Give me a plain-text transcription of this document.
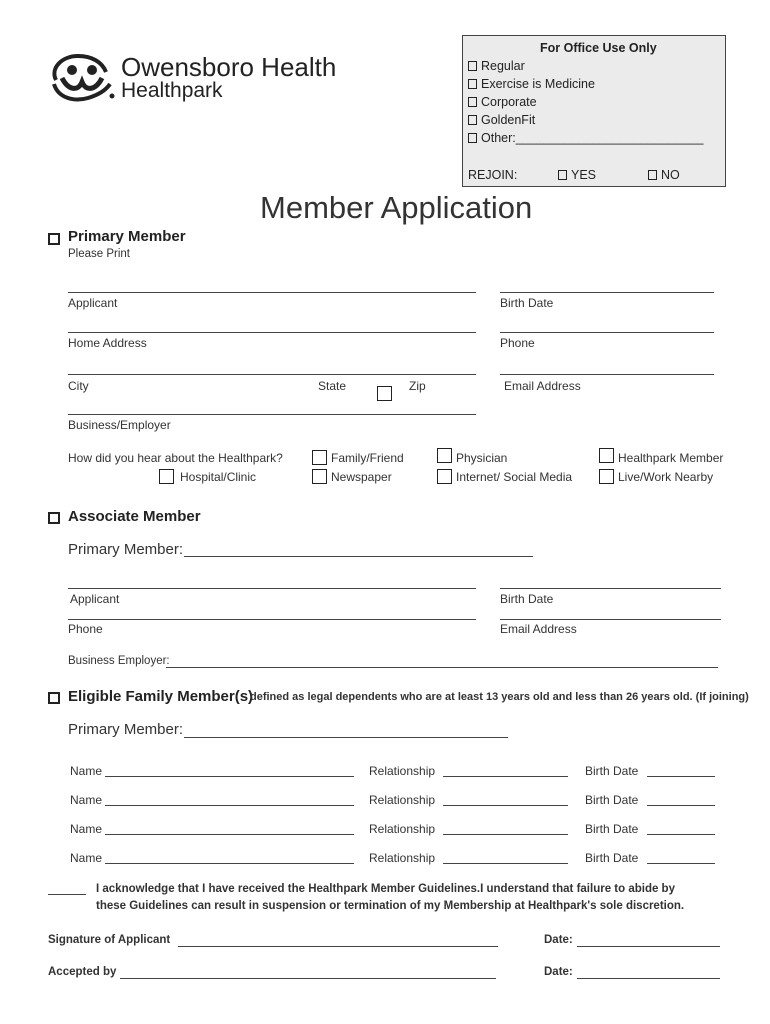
Owensboro Health
Healthpark
For Office Use Only
Regular
Exercise is Medicine
Corporate
GoldenFit
Other:___________________________
REJOIN:	YES	NO
Member Application
Primary Member
Please Print
Applicant	Birth Date
Home Address	Phone
City	State	Zip	Email Address
Business/Employer
How did you hear about the Healthpark?	Family/Friend	Physician	Healthpark Member
Hospital/Clinic	Newspaper	Internet/ Social Media	Live/Work Nearby
Associate Member
Primary Member:
Applicant	Birth Date
Phone	Email Address
Business Employer:
Eligible Family Member(s)
defined as legal dependents who are at least 13 years old and less than 26 years old. (If joining)
Primary Member:
Name	Relationship	Birth Date
Name	Relationship	Birth Date
Name	Relationship	Birth Date
Name	Relationship	Birth Date
I acknowledge that I have received the Healthpark Member Guidelines.I understand that failure to abide by
these Guidelines can result in suspension or termination of my Membership at Healthpark's sole discretion.
Signature of Applicant	Date:
Accepted by	Date:
